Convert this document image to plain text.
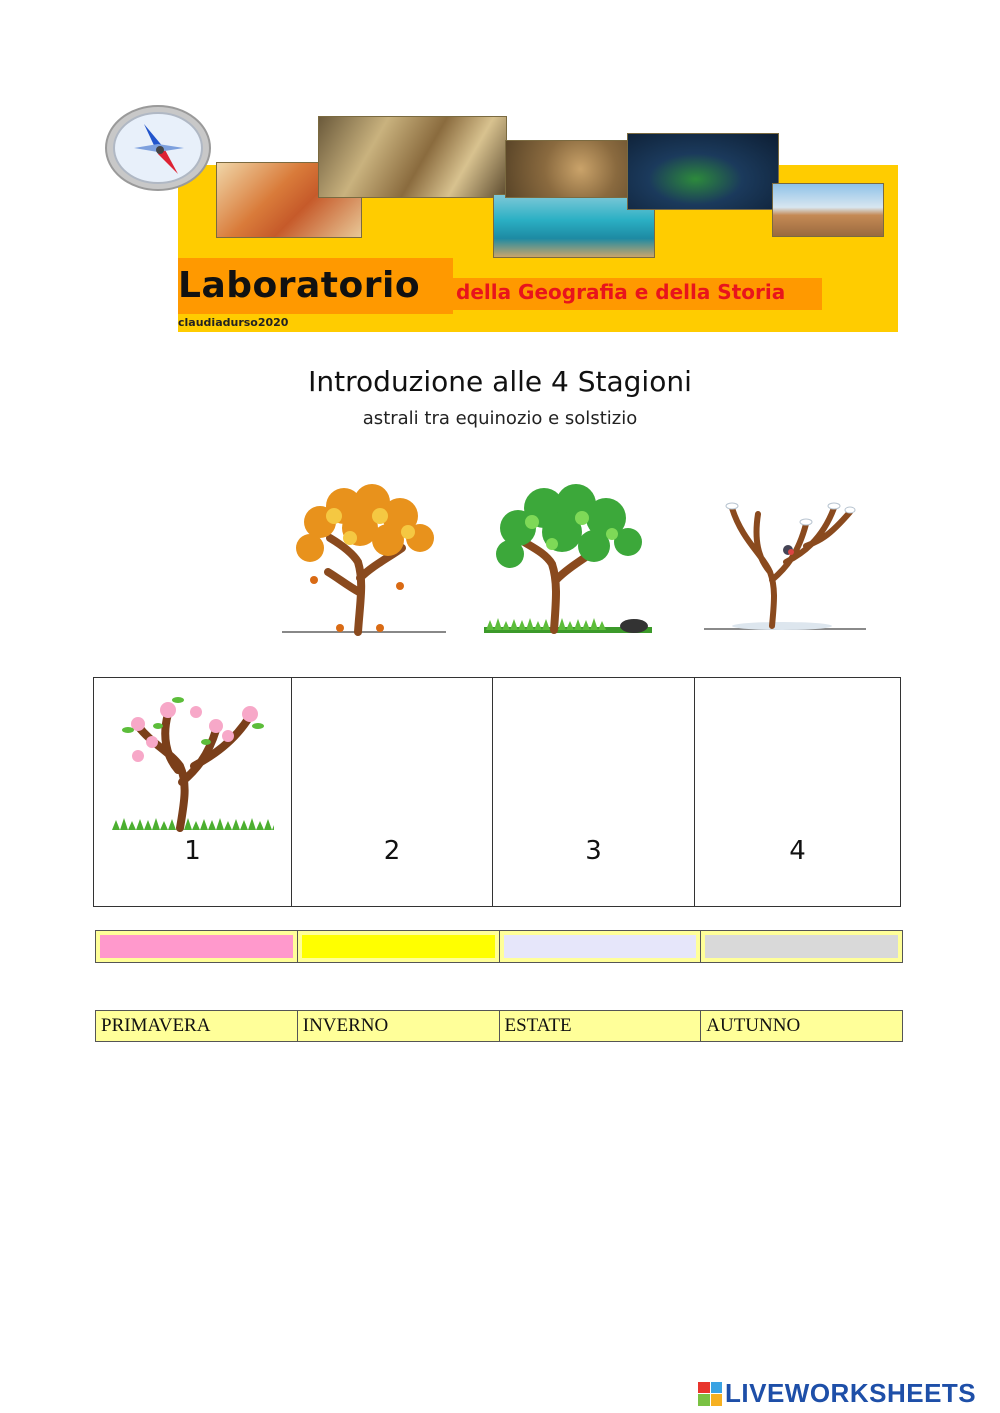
Laboratorio della Geografia e della Storia
claudiadurso2020
Introduzione alle 4 Stagioni
astrali tra equinozio e solstizio
1	2	3	4
PRIMAVERA	INVERNO	ESTATE	AUTUNNO
LIVEWORKSHEETS
